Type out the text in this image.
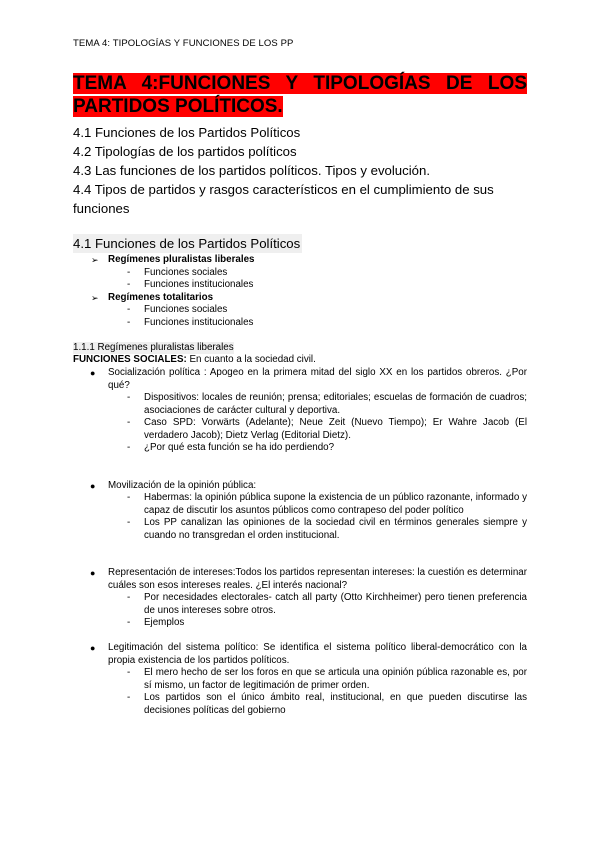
TEMA 4: TIPOLOGÍAS Y FUNCIONES DE LOS PP
TEMA 4:FUNCIONES Y TIPOLOGÍAS DE LOS PARTIDOS POLÍTICOS.
4.1 Funciones de los Partidos Políticos
4.2 Tipologías de los partidos políticos
4.3 Las funciones de los partidos políticos. Tipos y evolución.
4.4 Tipos de partidos y rasgos característicos en el cumplimiento de sus funciones
4.1 Funciones de los Partidos Políticos
➢ Regímenes pluralistas liberales
- Funciones sociales
- Funciones institucionales
➢ Regímenes totalitarios
- Funciones sociales
- Funciones institucionales
1.1.1 Regímenes pluralistas liberales
FUNCIONES SOCIALES: En cuanto a la sociedad civil.
● Socialización política : Apogeo en la primera mitad del siglo XX en los partidos obreros. ¿Por qué?
- Dispositivos: locales de reunión; prensa; editoriales; escuelas de formación de cuadros; asociaciones de carácter cultural y deportiva.
- Caso SPD: Vorwärts (Adelante); Neue Zeit (Nuevo Tiempo); Er Wahre Jacob (El verdadero Jacob); Dietz Verlag (Editorial Dietz).
- ¿Por qué esta función se ha ido perdiendo?
● Movilización de la opinión pública:
- Habermas: la opinión pública supone la existencia de un público razonante, informado y capaz de discutir los asuntos públicos como contrapeso del poder político
- Los PP canalizan las opiniones de la sociedad civil en términos generales siempre y cuando no transgredan el orden institucional.
● Representación de intereses:Todos los partidos representan intereses: la cuestión es determinar cuáles son esos intereses reales. ¿El interés nacional?
- Por necesidades electorales- catch all party (Otto Kirchheimer) pero tienen preferencia de unos intereses sobre otros.
- Ejemplos
● Legitimación del sistema político: Se identifica el sistema político liberal-democrático con la propia existencia de los partidos políticos.
- El mero hecho de ser los foros en que se articula una opinión pública razonable es, por sí mismo, un factor de legitimación de primer orden.
- Los partidos son el único ámbito real, institucional, en que pueden discutirse las decisiones políticas del gobierno
